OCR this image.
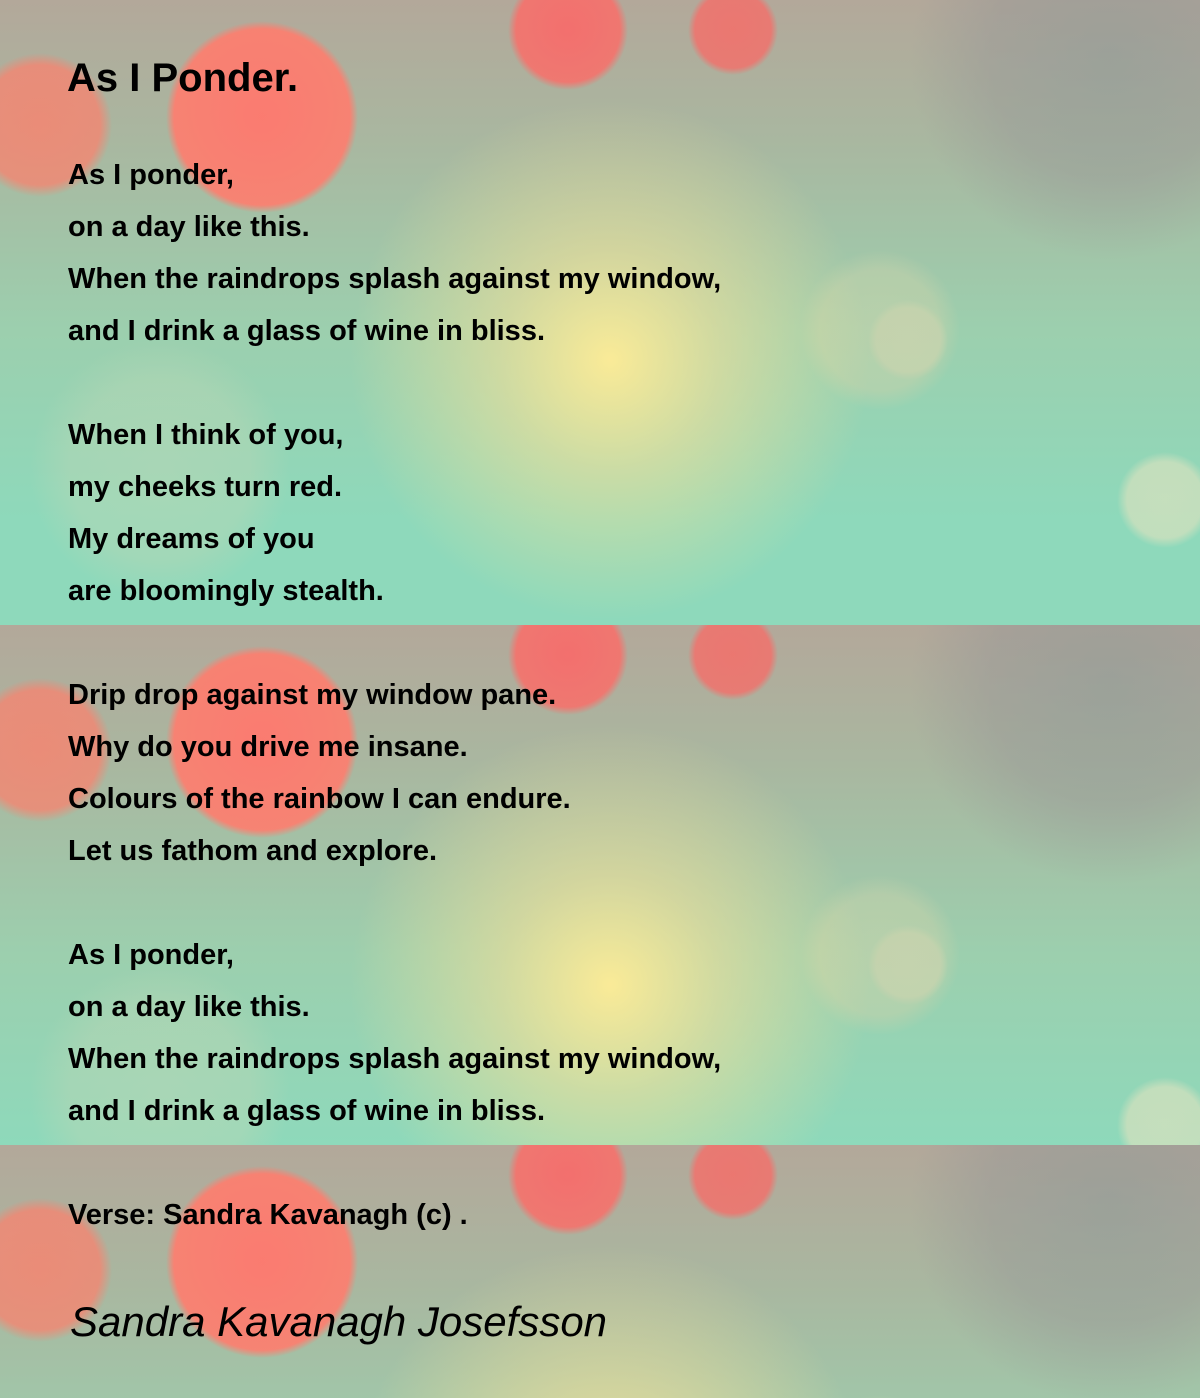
As I Ponder.
As I ponder,
on a day like this.
When the raindrops splash against my window,
and I drink a glass of wine in bliss.
When I think of you,
my cheeks turn red.
My dreams of you
are bloomingly stealth.
Drip drop against my window pane.
Why do you drive me insane.
Colours of the rainbow I can endure.
Let us fathom and explore.
As I ponder,
on a day like this.
When the raindrops splash against my window,
and I drink a glass of wine in bliss.

Verse: Sandra Kavanagh (c) .

Sandra Kavanagh Josefsson
